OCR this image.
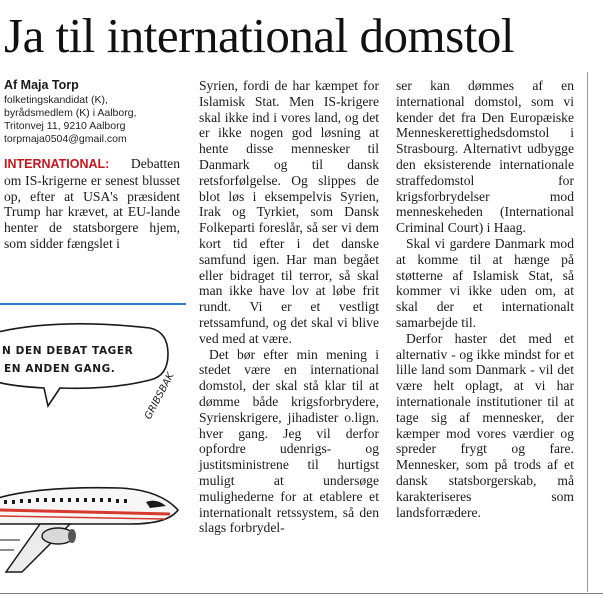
Ja til international domstol
Af Maja Torp
folketingskandidat (K),
byrådsmedlem (K) i Aalborg,
Tritonvej 11, 9210 Aalborg
torpmaja0504@gmail.com

INTERNATIONAL: Debatten om IS-krigerne er senest blusset op, efter at USA's præsident Trump har krævet, at EU-lande henter de statsborgere hjem, som sidder fængslet i

N DEN DEBAT TAGER
EN ANDEN GANG.
GRIBSBAK

Syrien, fordi de har kæmpet for Islamisk Stat. Men IS-krigere skal ikke ind i vores land, og det er ikke nogen god løsning at hente disse mennesker til Danmark og til dansk retsforfølgelse. Og slippes de blot løs i eksempelvis Syrien, Irak og Tyrkiet, som Dansk Folkeparti foreslår, så ser vi dem kort tid efter i det danske samfund igen. Har man begået eller bidraget til terror, så skal man ikke have lov at løbe frit rundt. Vi er et vestligt retssamfund, og det skal vi blive ved med at være.

Det bør efter min mening i stedet være en international domstol, der skal stå klar til at dømme både krigsforbrydere, Syrienskrigere, jihadister o.lign. hver gang. Jeg vil derfor opfordre udenrigs- og justitsministrene til hurtigst muligt at undersøge mulighederne for at etablere et internationalt retssystem, så den slags forbrydel-

ser kan dømmes af en international domstol, som vi kender det fra Den Europæiske Menneskerettighedsdomstol i Strasbourg. Alternativt udbygge den eksisterende internationale straffedomstol for krigsforbrydelser mod menneskeheden (International Criminal Court) i Haag.

Skal vi gardere Danmark mod at komme til at hænge på støtterne af Islamisk Stat, så kommer vi ikke uden om, at skal der et internationalt samarbejde til.

Derfor haster det med et alternativ - og ikke mindst for et lille land som Danmark - vil det være helt oplagt, at vi har internationale institutioner til at tage sig af mennesker, der kæmper mod vores værdier og spreder frygt og fare. Mennesker, som på trods af et dansk statsborgerskab, må karakteriseres som landsforrædere.
